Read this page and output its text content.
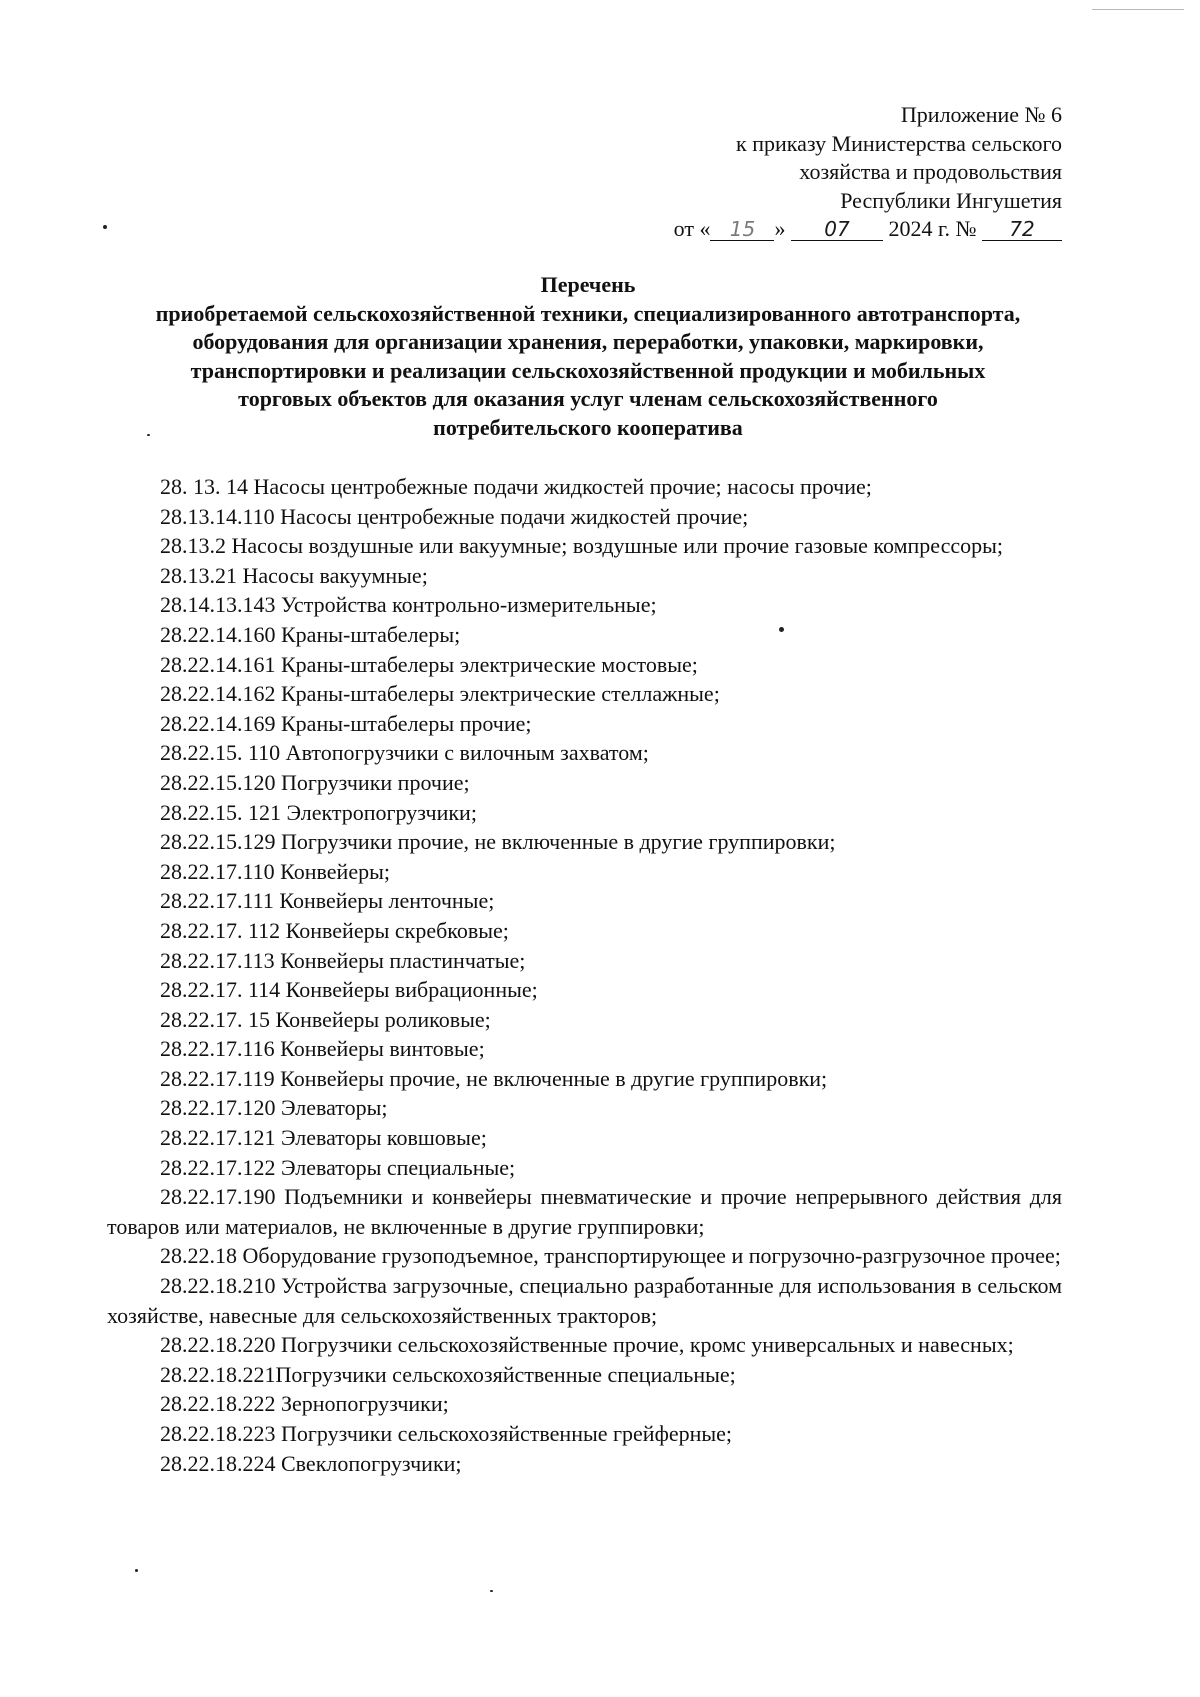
Приложение № 6
к приказу Министерства сельского
хозяйства и продовольствия
Республики Ингушетия
от « 15 » 07 2024 г. № 72
Перечень
приобретаемой сельскохозяйственной техники, специализированного автотранспорта,
оборудования для организации хранения, переработки, упаковки, маркировки,
транспортировки и реализации сельскохозяйственной продукции и мобильных
торговых объектов для оказания услуг членам сельскохозяйственного
потребительского кооператива
28. 13. 14 Насосы центробежные подачи жидкостей прочие; насосы прочие;
28.13.14.110 Насосы центробежные подачи жидкостей прочие;
28.13.2 Насосы воздушные или вакуумные; воздушные или прочие газовые компрессоры;
28.13.21 Насосы вакуумные;
28.14.13.143 Устройства контрольно-измерительные;
28.22.14.160 Краны-штабелеры;
28.22.14.161 Краны-штабелеры электрические мостовые;
28.22.14.162 Краны-штабелеры электрические стеллажные;
28.22.14.169 Краны-штабелеры прочие;
28.22.15. 110 Автопогрузчики с вилочным захватом;
28.22.15.120 Погрузчики прочие;
28.22.15. 121 Электропогрузчики;
28.22.15.129 Погрузчики прочие, не включенные в другие группировки;
28.22.17.110 Конвейеры;
28.22.17.111 Конвейеры ленточные;
28.22.17. 112 Конвейеры скребковые;
28.22.17.113 Конвейеры пластинчатые;
28.22.17. 114 Конвейеры вибрационные;
28.22.17. 15 Конвейеры роликовые;
28.22.17.116 Конвейеры винтовые;
28.22.17.119 Конвейеры прочие, не включенные в другие группировки;
28.22.17.120 Элеваторы;
28.22.17.121 Элеваторы ковшовые;
28.22.17.122 Элеваторы специальные;
28.22.17.190 Подъемники и конвейеры пневматические и прочие непрерывного действия для товаров или материалов, не включенные в другие группировки;
28.22.18 Оборудование грузоподъемное, транспортирующее и погрузочно-разгрузочное прочее;
28.22.18.210 Устройства загрузочные, специально разработанные для использования в сельском хозяйстве, навесные для сельскохозяйственных тракторов;
28.22.18.220 Погрузчики сельскохозяйственные прочие, кромс универсальных и навесных;
28.22.18.221Погрузчики сельскохозяйственные специальные;
28.22.18.222 Зернопогрузчики;
28.22.18.223 Погрузчики сельскохозяйственные грейферные;
28.22.18.224 Свеклопогрузчики;
